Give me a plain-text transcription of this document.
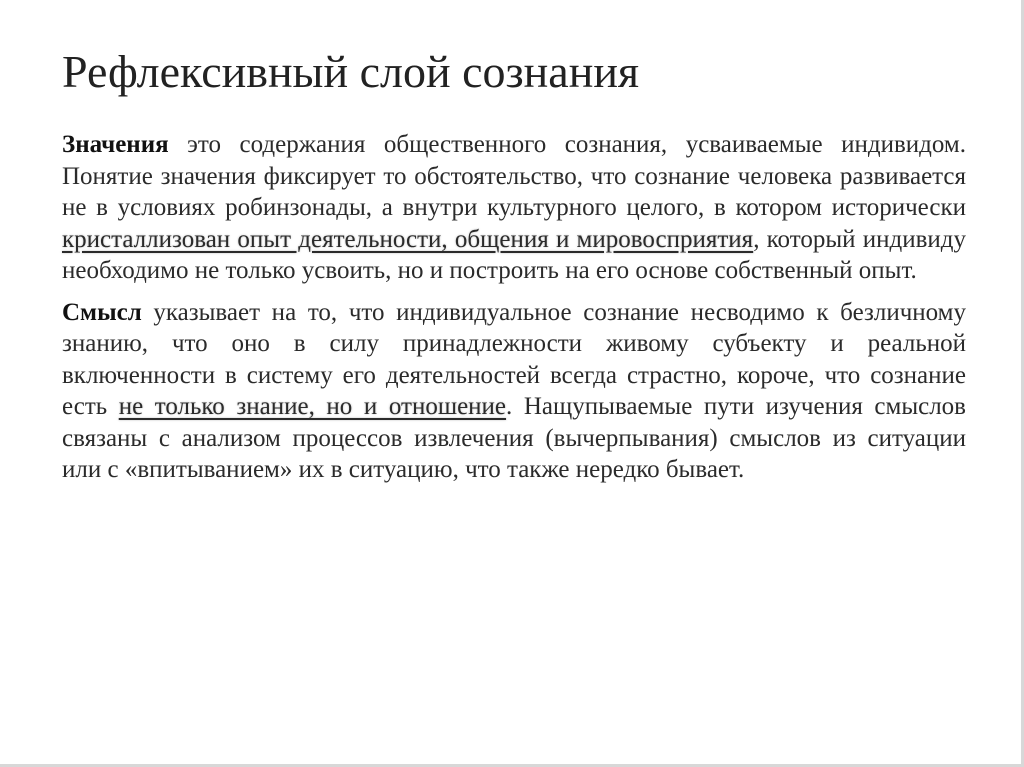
Рефлексивный слой сознания

Значения это содержания общественного сознания, усваиваемые индивидом. Понятие значения фиксирует то обстоятельство, что сознание человека развивается не в условиях робинзонады, а внутри культурного целого, в котором исторически кристаллизован опыт деятельности, общения и мировосприятия, который индивиду необходимо не только усвоить, но и построить на его основе собственный опыт.

Смысл указывает на то, что индивидуальное сознание несводимо к безличному знанию, что оно в силу принадлежности живому субъекту и реальной включенности в систему его деятельностей всегда страстно, короче, что сознание есть не только знание, но и отношение. Нащупываемые пути изучения смыслов связаны с анализом процессов извлечения (вычерпывания) смыслов из ситуации или с «впитыванием» их в ситуацию, что также нередко бывает.
